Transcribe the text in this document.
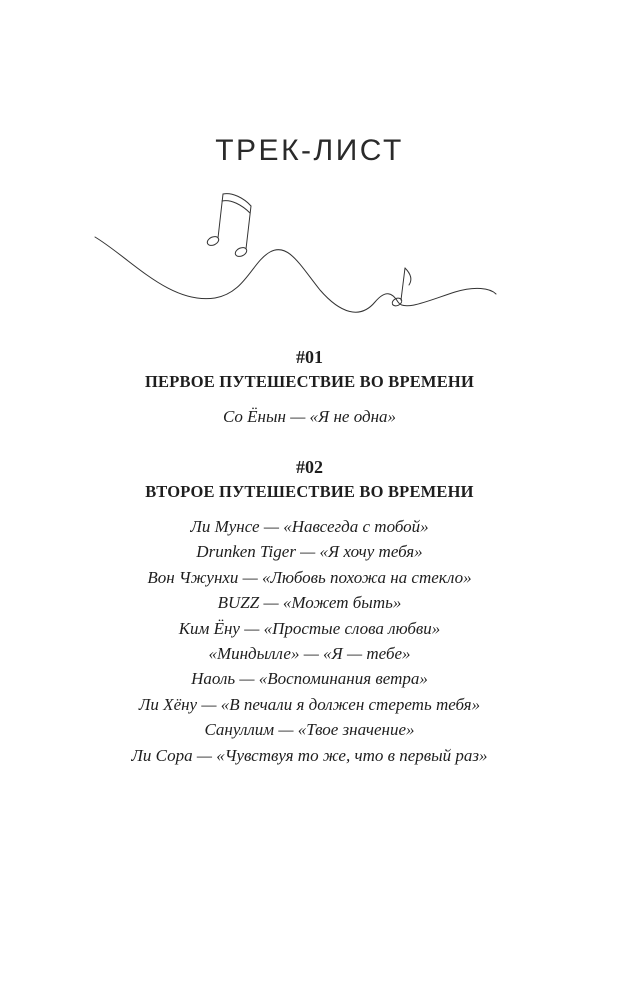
ТРЕК-ЛИСТ
#01
ПЕРВОЕ ПУТЕШЕСТВИЕ ВО ВРЕМЕНИ
Со Ёнын — «Я не одна»
#02
ВТОРОЕ ПУТЕШЕСТВИЕ ВО ВРЕМЕНИ
Ли Мунсе — «Навсегда с тобой»
Drunken Tiger — «Я хочу тебя»
Вон Чжунхи — «Любовь похожа на стекло»
BUZZ — «Может быть»
Ким Ёну — «Простые слова любви»
«Миндылле» — «Я — тебе»
Наоль — «Воспоминания ветра»
Ли Хёну — «В печали я должен стереть тебя»
Сануллим — «Твое значение»
Ли Сора — «Чувствуя то же, что в первый раз»
